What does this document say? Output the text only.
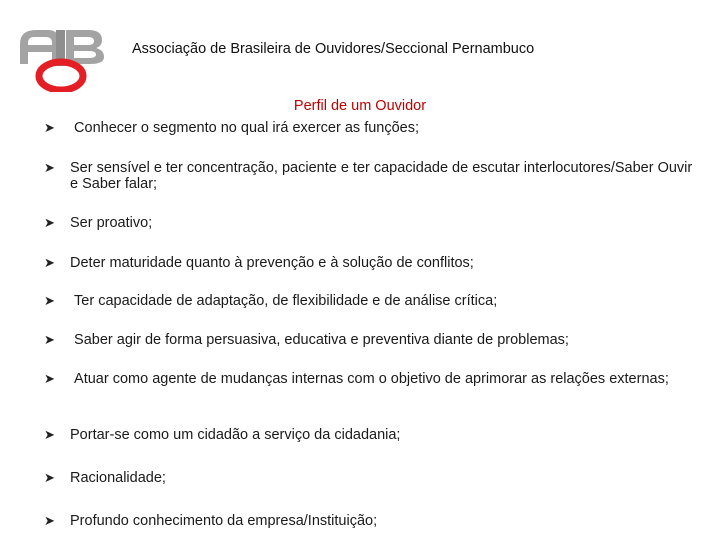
Associação de Brasileira de Ouvidores/Seccional Pernambuco
Perfil de um Ouvidor
➤	Conhecer o segmento no qual irá exercer as funções;
➤	Ser sensível e ter concentração, paciente e ter capacidade de escutar interlocutores/Saber Ouvir e Saber falar;
➤	Ser proativo;
➤	Deter maturidade quanto à prevenção e à solução de conflitos;
➤	Ter capacidade de adaptação, de flexibilidade e de análise crítica;
➤	Saber agir de forma persuasiva, educativa e preventiva diante de problemas;
➤	Atuar como agente de mudanças internas com o objetivo de aprimorar as relações externas;
➤	Portar-se como um cidadão a serviço da cidadania;
➤	Racionalidade;
➤	Profundo conhecimento da empresa/Instituição;
